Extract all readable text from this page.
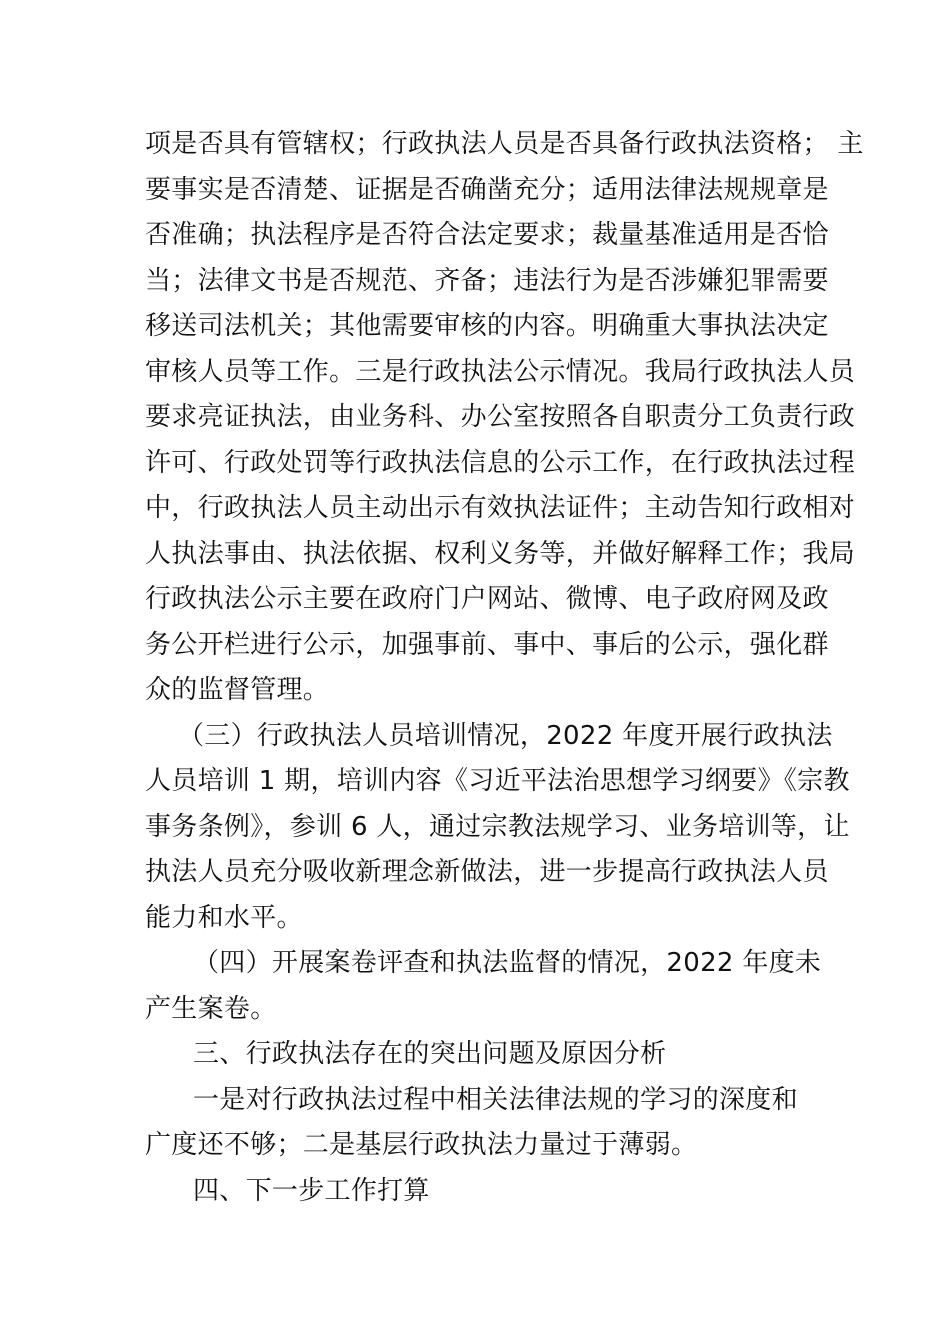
项是否具有管辖权；行政执法人员是否具备行政执法资格； 主
要事实是否清楚、证据是否确凿充分；适用法律法规规章是
否准确；执法程序是否符合法定要求；裁量基准适用是否恰
当；法律文书是否规范、齐备；违法行为是否涉嫌犯罪需要
移送司法机关；其他需要审核的内容。明确重大事执法决定
审核人员等工作。三是行政执法公示情况。我局行政执法人员
要求亮证执法，由业务科、办公室按照各自职责分工负责行政
许可、行政处罚等行政执法信息的公示工作，在行政执法过程
中，行政执法人员主动出示有效执法证件；主动告知行政相对
人执法事由、执法依据、权利义务等，并做好解释工作；我局
行政执法公示主要在政府门户网站、微博、电子政府网及政
务公开栏进行公示，加强事前、事中、事后的公示，强化群
众的监督管理。
（三）行政执法人员培训情况，2022 年度开展行政执法
人员培训 1 期，培训内容《习近平法治思想学习纲要》《宗教
事务条例》，参训 6 人，通过宗教法规学习、业务培训等，让
执法人员充分吸收新理念新做法，进一步提高行政执法人员
能力和水平。
（四）开展案卷评查和执法监督的情况，2022 年度未
产生案卷。
三、行政执法存在的突出问题及原因分析
一是对行政执法过程中相关法律法规的学习的深度和
广度还不够；二是基层行政执法力量过于薄弱。
四、下一步工作打算
